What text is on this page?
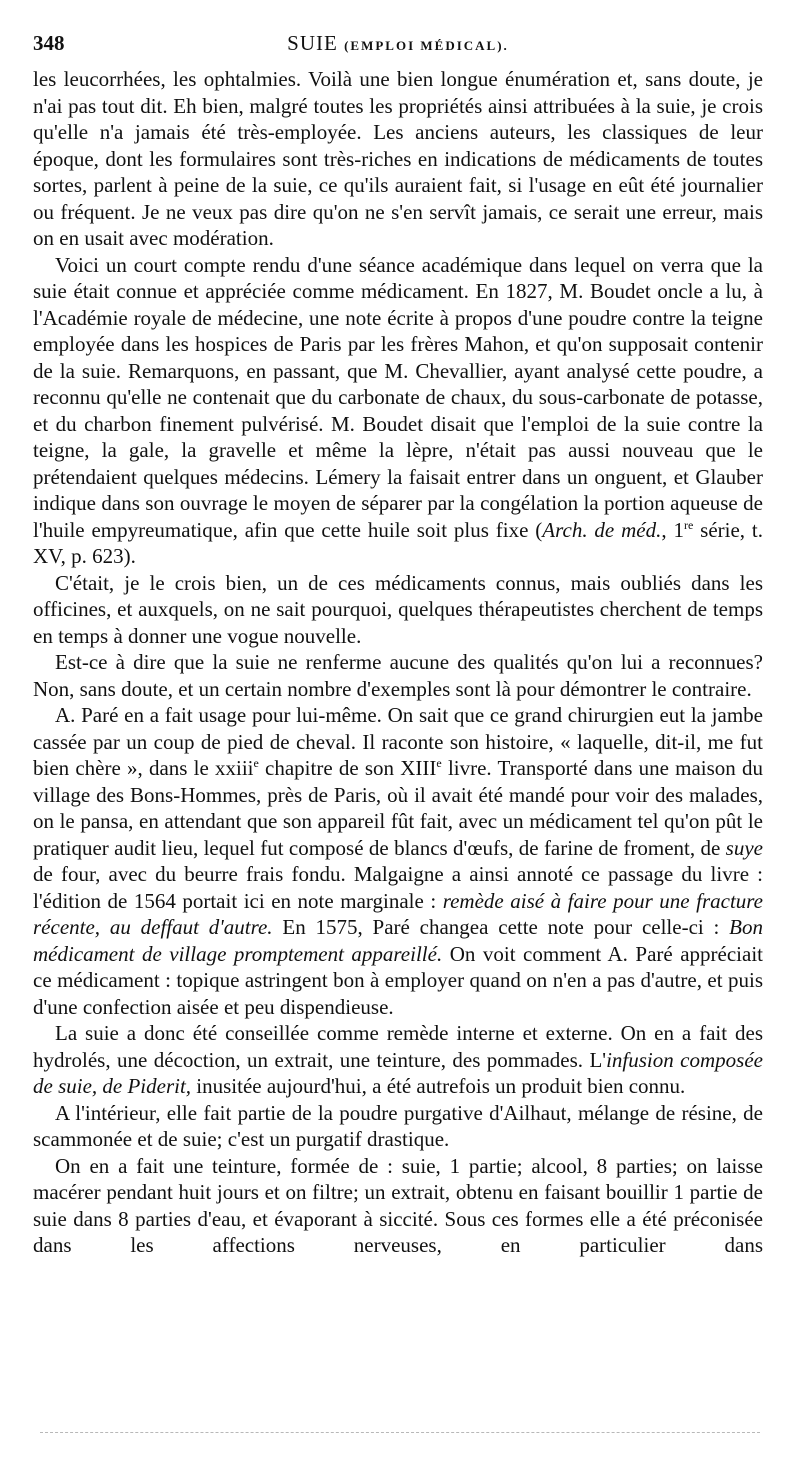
348	SUIE (EMPLOI MÉDICAL).

les leucorrhées, les ophtalmies. Voilà une bien longue énumération et, sans doute, je n'ai pas tout dit. Eh bien, malgré toutes les propriétés ainsi attribuées à la suie, je crois qu'elle n'a jamais été très-employée. Les anciens auteurs, les classiques de leur époque, dont les formulaires sont très-riches en indications de médicaments de toutes sortes, parlent à peine de la suie, ce qu'ils auraient fait, si l'usage en eût été journalier ou fréquent. Je ne veux pas dire qu'on ne s'en servît jamais, ce serait une erreur, mais on en usait avec modération.

Voici un court compte rendu d'une séance académique dans lequel on verra que la suie était connue et appréciée comme médicament. En 1827, M. Boudet oncle a lu, à l'Académie royale de médecine, une note écrite à propos d'une poudre contre la teigne employée dans les hospices de Paris par les frères Mahon, et qu'on supposait contenir de la suie. Remarquons, en passant, que M. Chevallier, ayant analysé cette poudre, a reconnu qu'elle ne contenait que du carbonate de chaux, du sous-carbonate de potasse, et du charbon finement pulvérisé. M. Boudet disait que l'emploi de la suie contre la teigne, la gale, la gravelle et même la lèpre, n'était pas aussi nouveau que le prétendaient quelques médecins. Lémery la faisait entrer dans un onguent, et Glauber indique dans son ouvrage le moyen de séparer par la congélation la portion aqueuse de l'huile empyreumatique, afin que cette huile soit plus fixe (Arch. de méd., 1re série, t. XV, p. 623).

C'était, je le crois bien, un de ces médicaments connus, mais oubliés dans les officines, et auxquels, on ne sait pourquoi, quelques thérapeutistes cherchent de temps en temps à donner une vogue nouvelle.

Est-ce à dire que la suie ne renferme aucune des qualités qu'on lui a reconnues? Non, sans doute, et un certain nombre d'exemples sont là pour démontrer le contraire.

A. Paré en a fait usage pour lui-même. On sait que ce grand chirurgien eut la jambe cassée par un coup de pied de cheval. Il raconte son histoire, « laquelle, dit-il, me fut bien chère », dans le xxiii$^e$ chapitre de son XIIIe livre. Transporté dans une maison du village des Bons-Hommes, près de Paris, où il avait été mandé pour voir des malades, on le pansa, en attendant que son appareil fût fait, avec un médicament tel qu'on pût le pratiquer audit lieu, lequel fut composé de blancs d'œufs, de farine de froment, de suye de four, avec du beurre frais fondu. Malgaigne a ainsi annoté ce passage du livre : l'édition de 1564 portait ici en note marginale : remède aisé à faire pour une fracture récente, au deffaut d'autre. En 1575, Paré changea cette note pour celle-ci : Bon médicament de village promptement appareillé. On voit comment A. Paré appréciait ce médicament : topique astringent bon à employer quand on n'en a pas d'autre, et puis d'une confection aisée et peu dispendieuse.

La suie a donc été conseillée comme remède interne et externe. On en a fait des hydrolés, une décoction, un extrait, une teinture, des pommades. L'infusion composée de suie, de Piderit, inusitée aujourd'hui, a été autrefois un produit bien connu.

A l'intérieur, elle fait partie de la poudre purgative d'Ailhaut, mélange de résine, de scammonée et de suie; c'est un purgatif drastique.

On en a fait une teinture, formée de : suie, 1 partie; alcool, 8 parties; on laisse macérer pendant huit jours et on filtre; un extrait, obtenu en faisant bouillir 1 partie de suie dans 8 parties d'eau, et évaporant à siccité. Sous ces formes elle a été préconisée dans les affections nerveuses, en particulier dans
